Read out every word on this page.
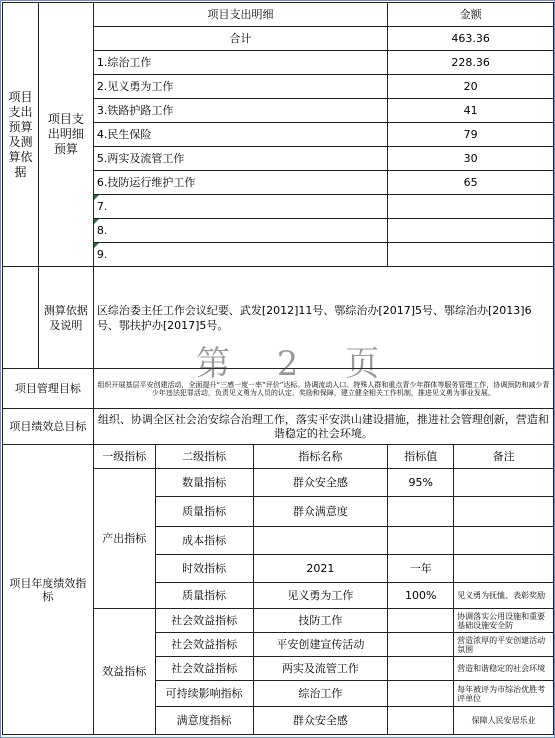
项目支出预算及测算依据	项目支出明细预算	项目支出明细			金额	
		合计			463.36	
		1.综治工作			228.36	
		2.见义勇为工作			20	
		3.铁路护路工作			41	
		4.民生保险			79	
		5.两实及流管工作			30	
		6.技防运行维护工作			65	
		7.				
		8.				
		9.				
	测算依据及说明	区综治委主任工作会议纪要、武发[2012]11号、鄂综治办[2017]5号、鄂综治办[2013]6号、鄂扶护办[2017]5号。				
项目管理目标		组织开展基层平安创建活动，全面提升“三感一度一率”评价”达标。协调流动人口、特殊人群和重点青少年群体等服务管理工作，协调预防和减少青少年违法犯罪活动，负责见义勇为人员的认定、奖励和保障，建立健全相关工作机制，推进见义勇为事业发展。				
项目绩效总目标		组织、协调全区社会治安综合治理工作，落实平安洪山建设措施，推进社会管理创新，营造和谐稳定的社会环境。				
项目年度绩效指标		一级指标	二级指标	指标名称	指标值	备注
		产出指标	数量指标	群众安全感	95%	
			质量指标	群众满意度		
			成本指标			
			时效指标	2021	一年	
			质量指标	见义勇为工作	100%	见义勇为抚恤、表彰奖励
		效益指标	社会效益指标	技防工作		协调落实公用设施和重要基础设施安全防
			社会效益指标	平安创建宣传活动		营造浓厚的平安创建活动氛围
			社会效益指标	两实及流管工作		营造和谐稳定的社会环境
			可持续影响指标	综治工作		每年被评为市综治优胜考评单位
			满意度指标	群众安全感		保障人民安居乐业
第 2 页
